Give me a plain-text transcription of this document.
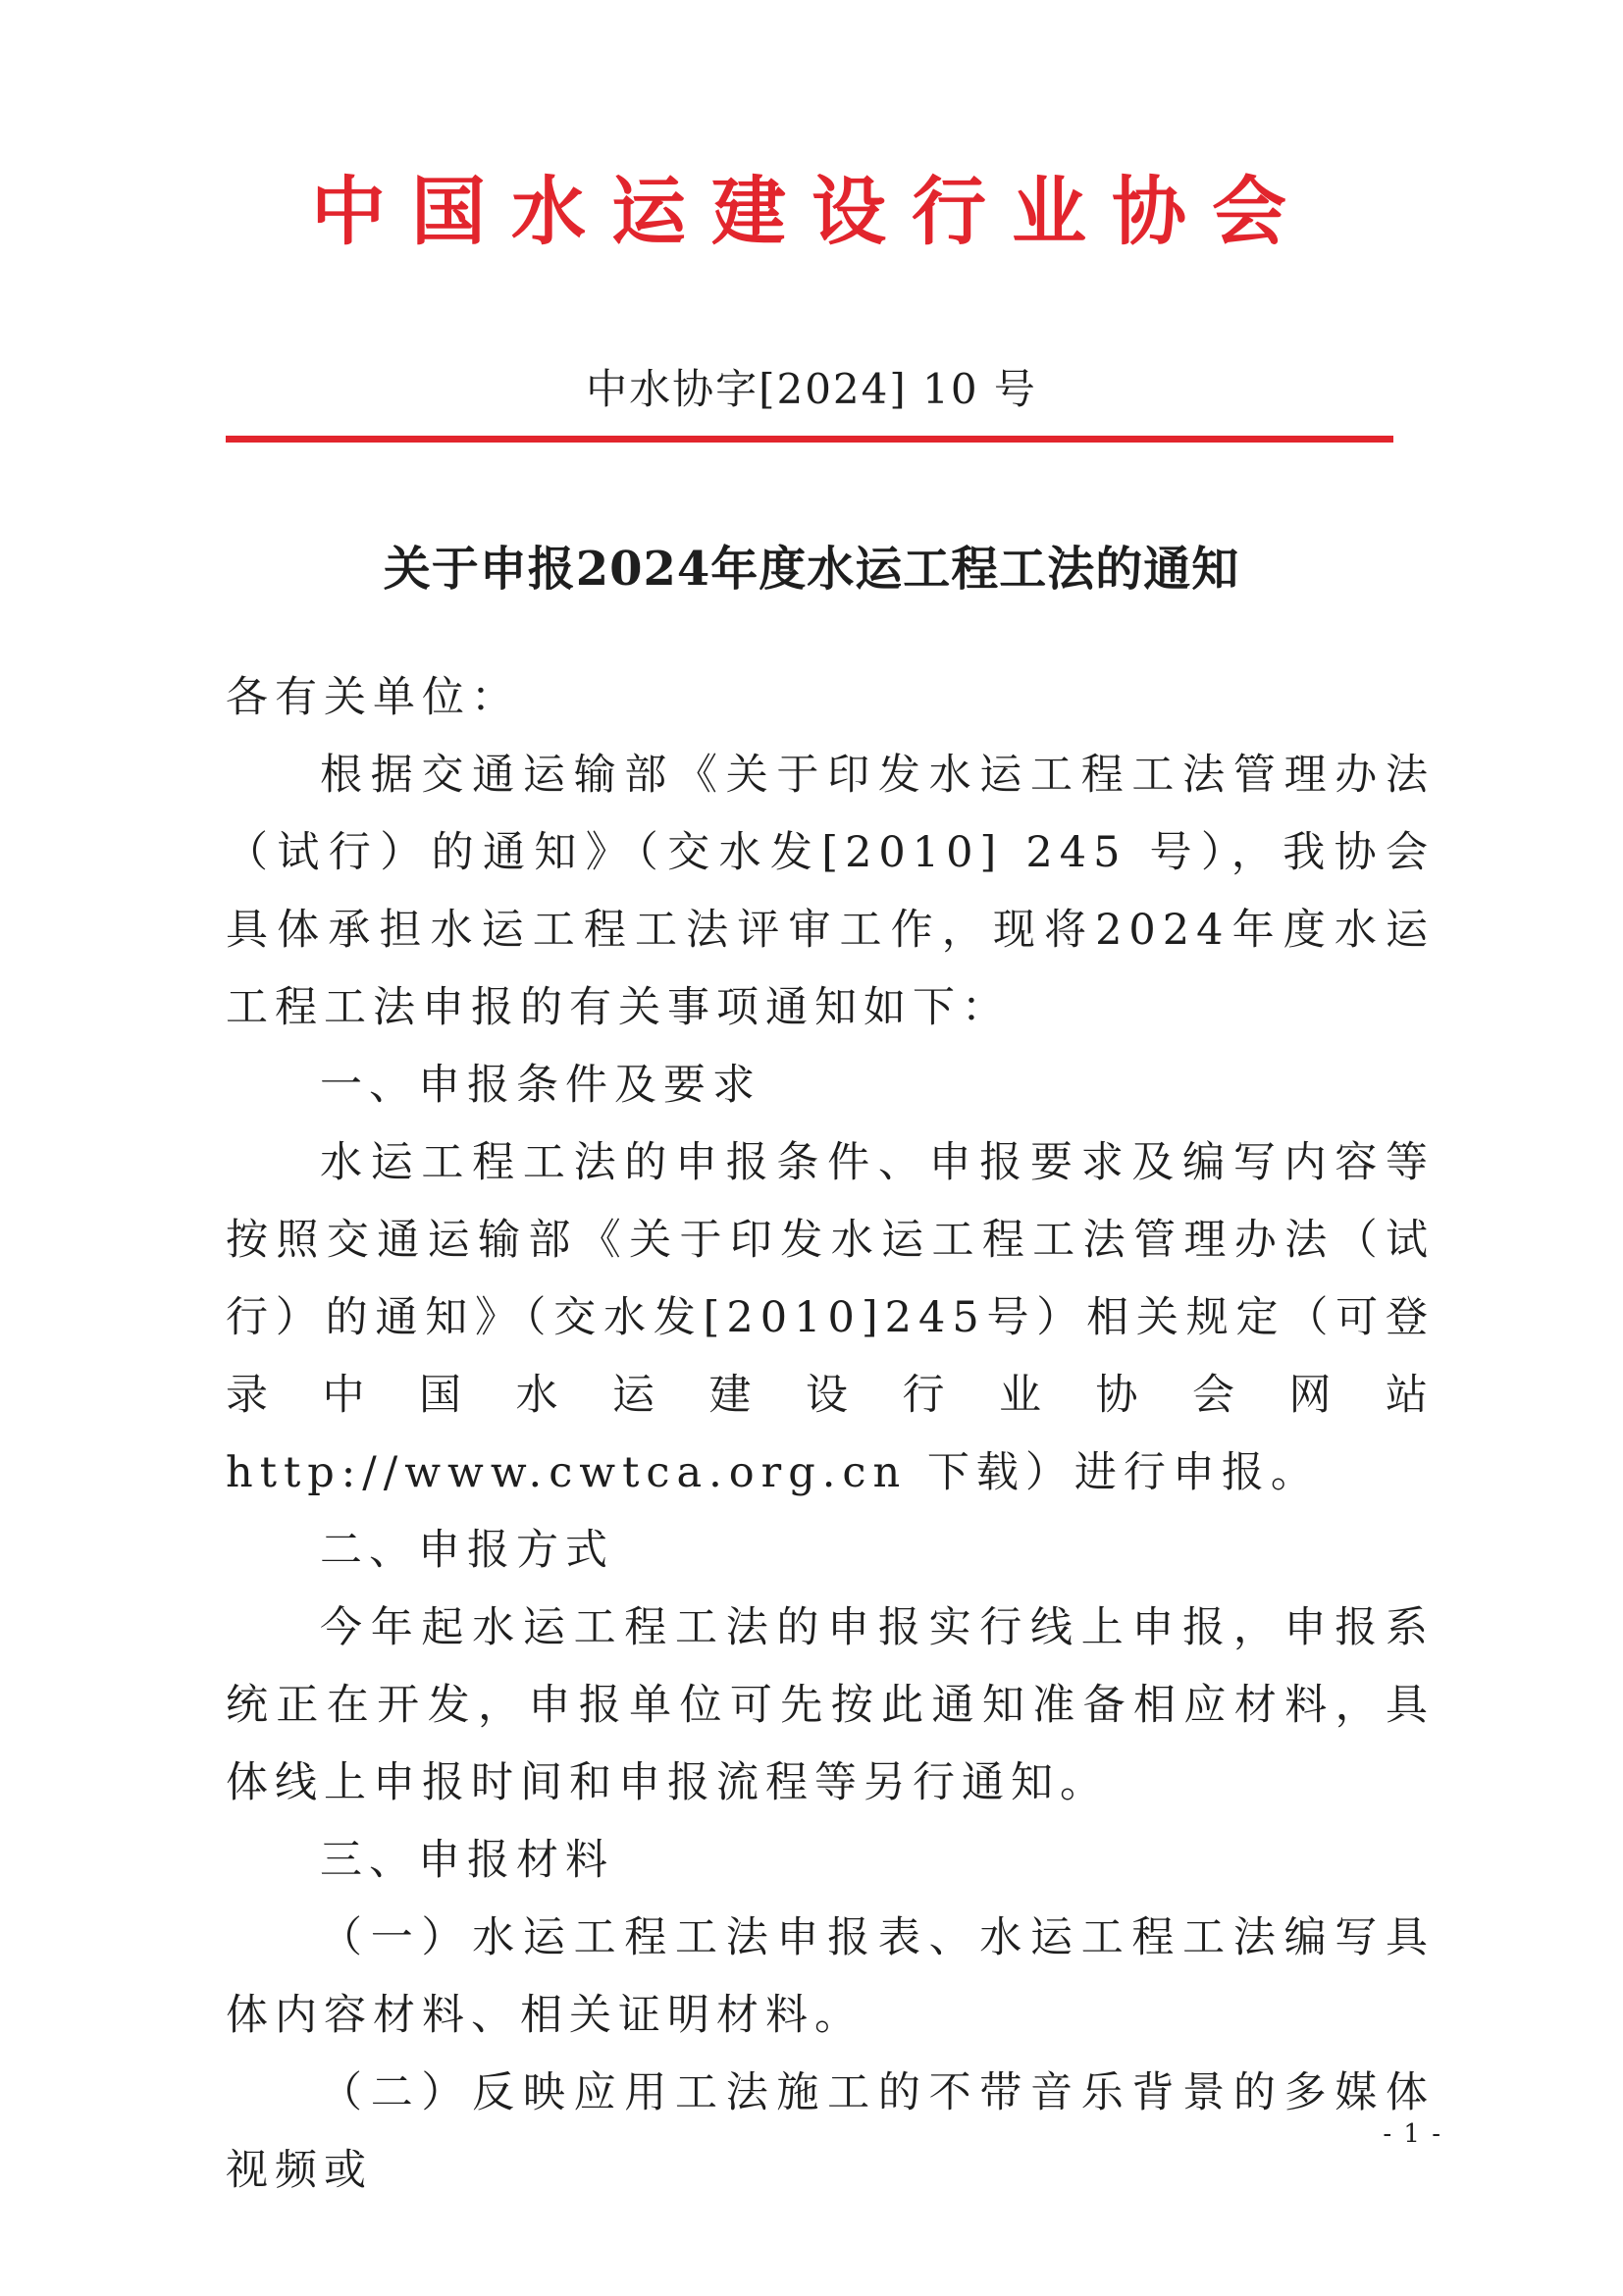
中国水运建设行业协会
中水协字[2024] 10 号
关于申报2024年度水运工程工法的通知

各有关单位：

根据交通运输部《关于印发水运工程工法管理办法（试行）的通知》（交水发[2010] 245 号），我协会具体承担水运工程工法评审工作，现将2024年度水运工程工法申报的有关事项通知如下：

一、申报条件及要求

水运工程工法的申报条件、申报要求及编写内容等按照交通运输部《关于印发水运工程工法管理办法（试行）的通知》（交水发[2010]245号）相关规定（可登录中国水运建设行业协会网站 http://www.cwtca.org.cn 下载）进行申报。

二、申报方式

今年起水运工程工法的申报实行线上申报，申报系统正在开发，申报单位可先按此通知准备相应材料，具体线上申报时间和申报流程等另行通知。

三、申报材料

（一）水运工程工法申报表、水运工程工法编写具体内容材料、相关证明材料。

（二）反映应用工法施工的不带音乐背景的多媒体视频或

- 1 -
